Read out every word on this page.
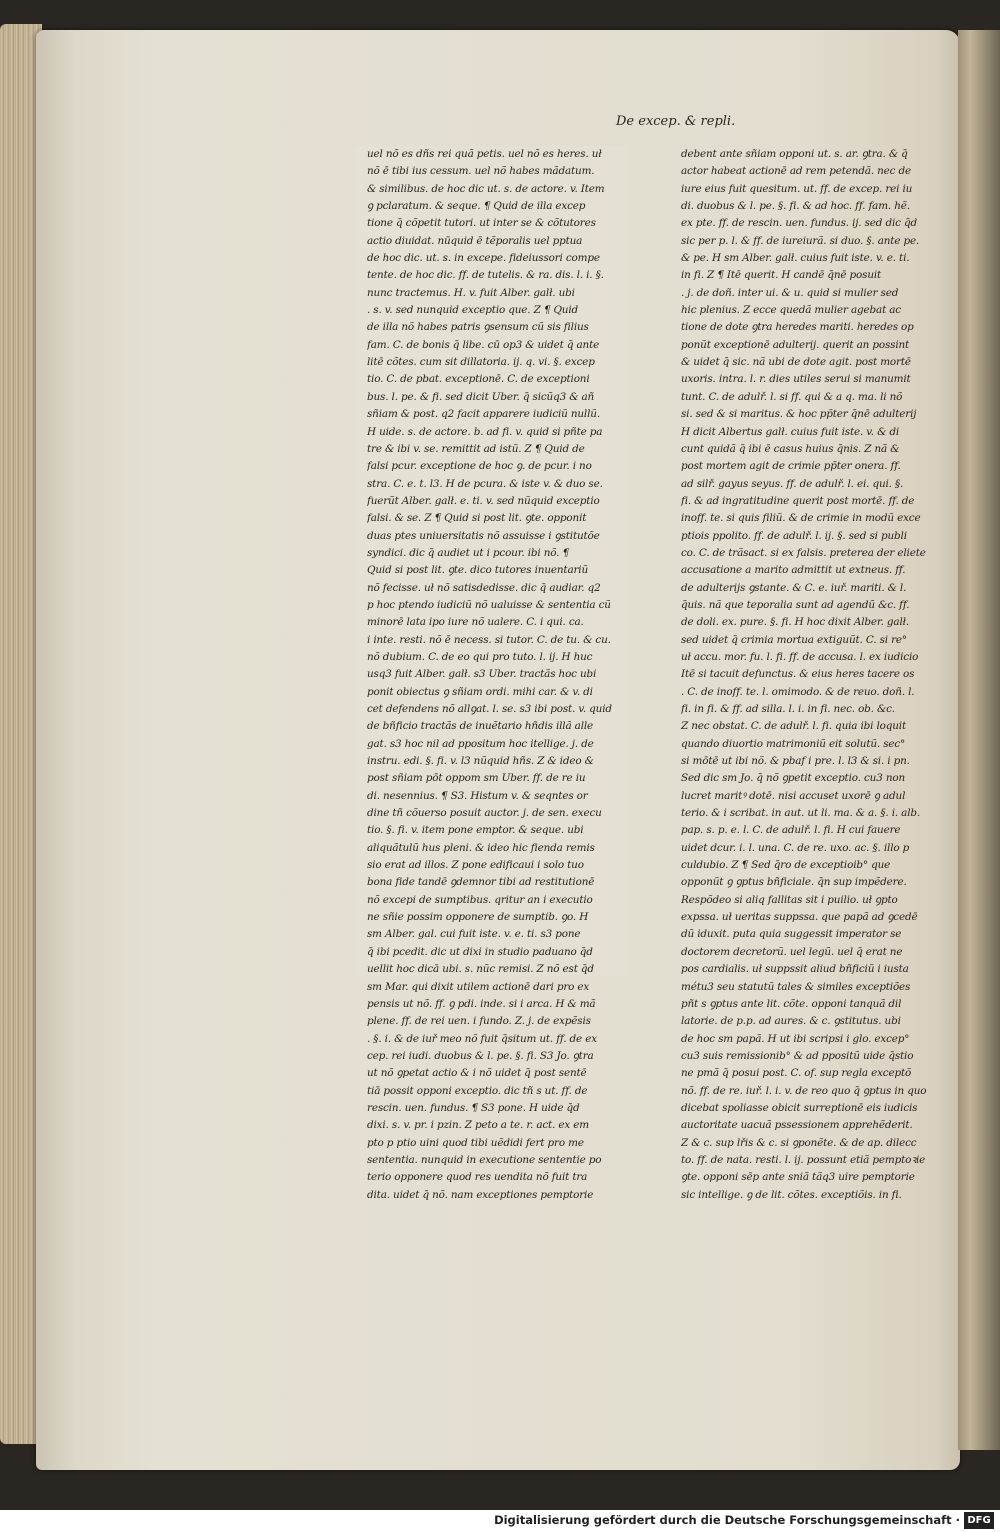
De excep. & repli.
uel nõ es dñs rei quã petis. uel nõ es heres. uł
nõ ē tibi ius cessum. uel nõ habes mãdatum.
& similibus. de hoc dic ut. s. de actore. v. Item
ꝯ pclaratum. & seque. ¶ Quid de illa excep
tione q̄ cõpetit tutori. ut inter se & cõtutores
actio diuidat. nūquid ē tẽporalis uel pptua
de hoc dic. ut. s. in excepe. fideiussori compe
tente. de hoc dic. ff. de tutelis. & ra. dis. l. i. §.
nunc tractemus. H. v. fuit Alber. galł. ubi
. s. v. sed nunquid exceptio que. Z ¶ Quid
de illa nõ habes patris ꝯsensum cũ sis filius
fam. C. de bonis q̄ libe. cū op3 & uidet q̄ ante
litē cõtes. cum sit dillatoria. ij. q. vi. §. excep
tio. C. de pbat. exceptionē. C. de exceptioni
bus. l. pe. & fi. sed dicit Uber. q̄ sicũq3 & añ
sñiam & post. q2 facit apparere iudiciũ nullũ.
H uide. s. de actore. b. ad fi. v. quid si pñte pa
tre & ibi v. se. remittit ad istũ. Z ¶ Quid de
falsi pcur. exceptione de hoc ꝯ. de pcur. i no
stra. C. e. t. l3. H de pcura. & iste v. & duo se.
fuerũt Alber. galł. e. ti. v. sed nũquid exceptio
falsi. & se. Z ¶ Quid si post lit. ꝯte. opponit
duas ptes uniuersitatis nõ assuisse i ꝯstitutõe
syndici. dic q̄ audiet ut i pcour. ibi nõ. ¶
Quid si post lit. ꝯte. dico tutores inuentariũ
nõ fecisse. uł nõ satisdedisse. dic q̄ audiar. q2
p hoc ptendo iudiciũ nõ ualuisse & sententia cũ
minorē lata ipo iure nõ ualere. C. i qui. ca.
i inte. resti. nõ ē necess. si tutor. C. de tu. & cu.
nõ dubium. C. de eo qui pro tuto. l. ij. H huc
usq3 fuit Alber. galł. s3 Uber. tractãs hoc ubi
ponit obiectus ꝯ sñiam ordi. mihi car. & v. di
cet defendens nõ allꝯat. l. se. s3 ibi post. v. quid
de bñficio tractãs de inuẽtario hñdis illã alle
gat. s3 hoc nil ad ppositum hoc itellige. j. de
instru. edi. §. fi. v. l3 nũquid hñs. Z & ideo &
post sñiam pōt oppom sm Uber. ff. de re iu
di. nesennius. ¶ S3. Histum v. & seqntes or
dine tñ cõuerso posuit auctor. j. de sen. execu
tio. §. fi. v. item pone emptor. & seque. ubi
aliquãtulũ hus pleni. & ideo hic fienda remis
sio erat ad illos. Z pone edificaui i solo tuo
bona fide tandē ꝯdemnor tibi ad restitutionē
nõ excepi de sumptibus. qritur an i executio
ne sñie possim opponere de sumptib. ꝯo. H
sm Alber. gal. cui fuit iste. v. e. ti. s3 pone
q̄ ibi pcedit. dic ut dixi in studio paduano q̄d
uellit hoc dicā ubi. s. nũc remisi. Z nõ est q̄d
sm Mar. qui dixit utilem actionē dari pro ex
pensis ut nõ. ff. ꝯ pdi. inde. si i arca. H & mã
plene. ff. de rei uen. i fundo. Z. j. de expẽsis
. §. i. & de iuř meo nõ fuit q̄situm ut. ff. de ex
cep. rei iudi. duobus & l. pe. §. fi. S3 Jo. ꝯtra
ut nõ ꝯpetat actio & i nõ uidet q̄ post sentē
tiā possit opponi exceptio. dic tñ s ut. ff. de
rescin. uen. fundus. ¶ S3 pone. H uide q̄d
dixi. s. v. pr. i pzin. Z peto a te. r. act. ex em
pto p ptio uini quod tibi uẽdidi fert pro me
sententia. nunquid in executione sententie po
terio opponere quod res uendita nõ fuit tra
dita. uidet q̄ nõ. nam exceptiones pemptorie
debent ante sñiam opponi ut. s. ar. ꝯtra. & q̄
actor habeat actionē ad rem petendã. nec de
iure eius fuit quesitum. ut. ff. de excep. rei iu
di. duobus & l. pe. §. fi. & ad hoc. ff. fam. hẽ.
ex pte. ff. de rescin. uen. fundus. ij. sed dic q̄d
sic per p. l. & ff. de iureiurã. si duo. §. ante pe.
& pe. H sm Alber. galł. cuius fuit iste. v. e. ti.
in fi. Z ¶ Itē querit. H candē q̄nē posuit
. j. de doñ. inter ui. & u. quid si mulier sed
hic plenius. Z ecce quedã mulier agebat ac
tione de dote ꝯtra heredes mariti. heredes op
ponũt exceptionē adulterij. querit an possint
& uidet q̄ sic. nã ubi de dote agit. post mortē
uxoris. intra. l. r. dies utiles serui si manumit
tunt. C. de adulř. l. si ff. qui & a q. ma. li nõ
si. sed & si maritus. & hoc pp̄ter q̄nē adulterij
H dicit Albertus galł. cuius fuit iste. v. & di
cunt quidã q̄ ibi ē casus huius q̄nis. Z nã &
post mortem agit de crimie pp̄ter onera. ff.
ad silř. gayus seyus. ff. de adulř. l. ei. qui. §.
fi. & ad ingratitudine querit post mortē. ff. de
inoff. te. si quis filiũ. & de crimie in modũ exce
ptiois ppolito. ff. de adulř. l. ij. §. sed si publi
co. C. de trãsact. si ex falsis. preterea der eliete
accusatione a marito admittit ut extneus. ff.
de adulterijs ꝯstante. & C. e. iuř. mariti. & l.
q̄uis. nã que teporalia sunt ad agendũ &c. ff.
de doli. ex. pure. §. fi. H hoc dixit Alber. galł.
sed uidet q̄ crimia mortua extiguũt. C. si re°
uł accu. mor. fu. l. fi. ff. de accusa. l. ex iudicio
Itē si tacuit defunctus. & eius heres tacere os
. C. de inoff. te. l. omimodo. & de reuo. doñ. l.
fi. in fi. & ff. ad silla. l. i. in fi. nec. ob. &c.
Z nec obstat. C. de adulř. l. fi. quia ibi loquit
quando diuortio matrimoniũ eit solutũ. sec°
si mōtē ut ibi nõ. & pbaf i pre. l. l3 & si. i pn.
Sed dic sm Jo. q̄ nõ ꝯpetit exceptio. cu3 non
lucret maritꝰ dotē. nisi accuset uxorē ꝯ adul
terio. & i scribat. in aut. ut li. ma. & a. §. i. alb.
pap. s. p. e. l. C. de adulř. l. fi. H cui fauere
uidet dcur. i. l. una. C. de re. uxo. ac. §. illo p
culdubio. Z ¶ Sed q̄ro de exceptioib° que
opponũt ꝯ ꝯptus bñficiale. q̄n sup impẽdere.
Respõdeo si aliq fallitas sit i puilio. uł ꝯpto
expssa. uł ueritas suppssa. que papã ad ꝯcedē
dũ iduxit. puta quia suggessit imperator se
doctorem decretorũ. uel legũ. uel q̄ erat ne
pos cardialis. uł suppssit aliud bñficiũ i iusta
métu3 seu statutũ tales & similes exceptiões
pñt s ꝯptus ante lit. cõte. opponi tanquã dil
latorie. de p.p. ad aures. & c. ꝯstitutus. ubi
de hoc sm papã. H ut ibi scripsi i glo. excep°
cu3 suis remissionib° & ad ppositũ uide q̄stio
ne pmã q̄ posui post. C. of. sup regla exceptõ
nõ. ff. de re. iuř. l. i. v. de reo quo q̄ ꝯptus in quo
dicebat spoliasse obicit surreptionē eis iudicis
auctoritate uacuã pssessionem apprehẽderit.
Z & c. sup lřis & c. si ꝯponẽte. & de ap. dilecc
to. ff. de nata. resti. l. ij. possunt etiã pemptoꝛie
ꝯte. opponi sēp ante sniã tãq3 uire pemptorie
sic intellige. ꝯ de lit. cõtes. exceptiõis. in fi.
Digitalisierung gefördert durch die Deutsche Forschungsgemeinschaft · DFG
